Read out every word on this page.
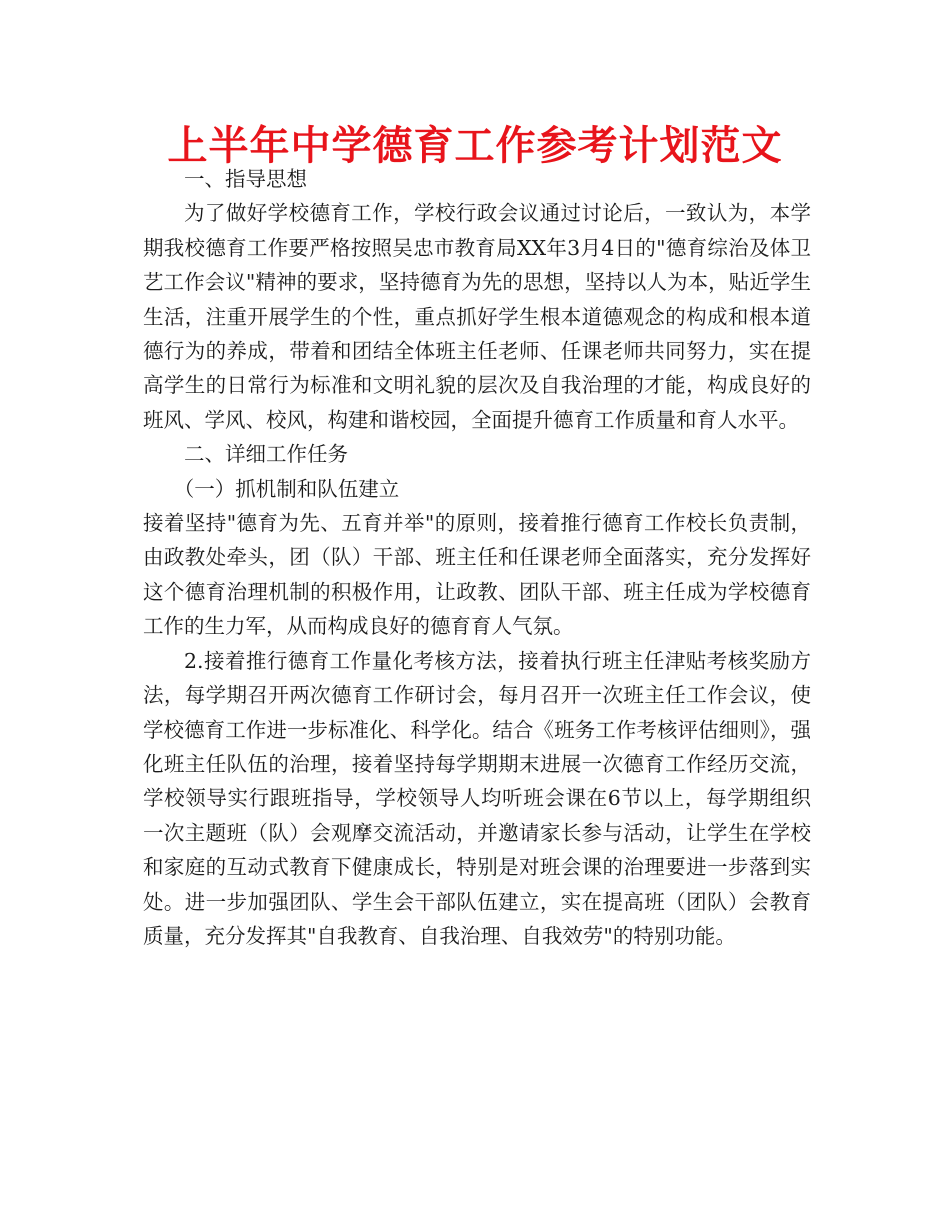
上半年中学德育工作参考计划范文

一、指导思想

为了做好学校德育工作，学校行政会议通过讨论后，一致认为，本学期我校德育工作要严格按照吴忠市教育局XX年3月4日的"德育综治及体卫艺工作会议"精神的要求，坚持德育为先的思想，坚持以人为本，贴近学生生活，注重开展学生的个性，重点抓好学生根本道德观念的构成和根本道德行为的养成，带着和团结全体班主任老师、任课老师共同努力，实在提高学生的日常行为标准和文明礼貌的层次及自我治理的才能，构成良好的班风、学风、校风，构建和谐校园，全面提升德育工作质量和育人水平。

二、详细工作任务

（一）抓机制和队伍建立

接着坚持"德育为先、五育并举"的原则，接着推行德育工作校长负责制，由政教处牵头，团（队）干部、班主任和任课老师全面落实，充分发挥好这个德育治理机制的积极作用，让政教、团队干部、班主任成为学校德育工作的生力军，从而构成良好的德育育人气氛。

2.接着推行德育工作量化考核方法，接着执行班主任津贴考核奖励方法，每学期召开两次德育工作研讨会，每月召开一次班主任工作会议，使学校德育工作进一步标准化、科学化。结合《班务工作考核评估细则》，强化班主任队伍的治理，接着坚持每学期期末进展一次德育工作经历交流，学校领导实行跟班指导，学校领导人均听班会课在6节以上，每学期组织一次主题班（队）会观摩交流活动，并邀请家长参与活动，让学生在学校和家庭的互动式教育下健康成长，特别是对班会课的治理要进一步落到实处。进一步加强团队、学生会干部队伍建立，实在提高班（团队）会教育质量，充分发挥其"自我教育、自我治理、自我效劳"的特别功能。
